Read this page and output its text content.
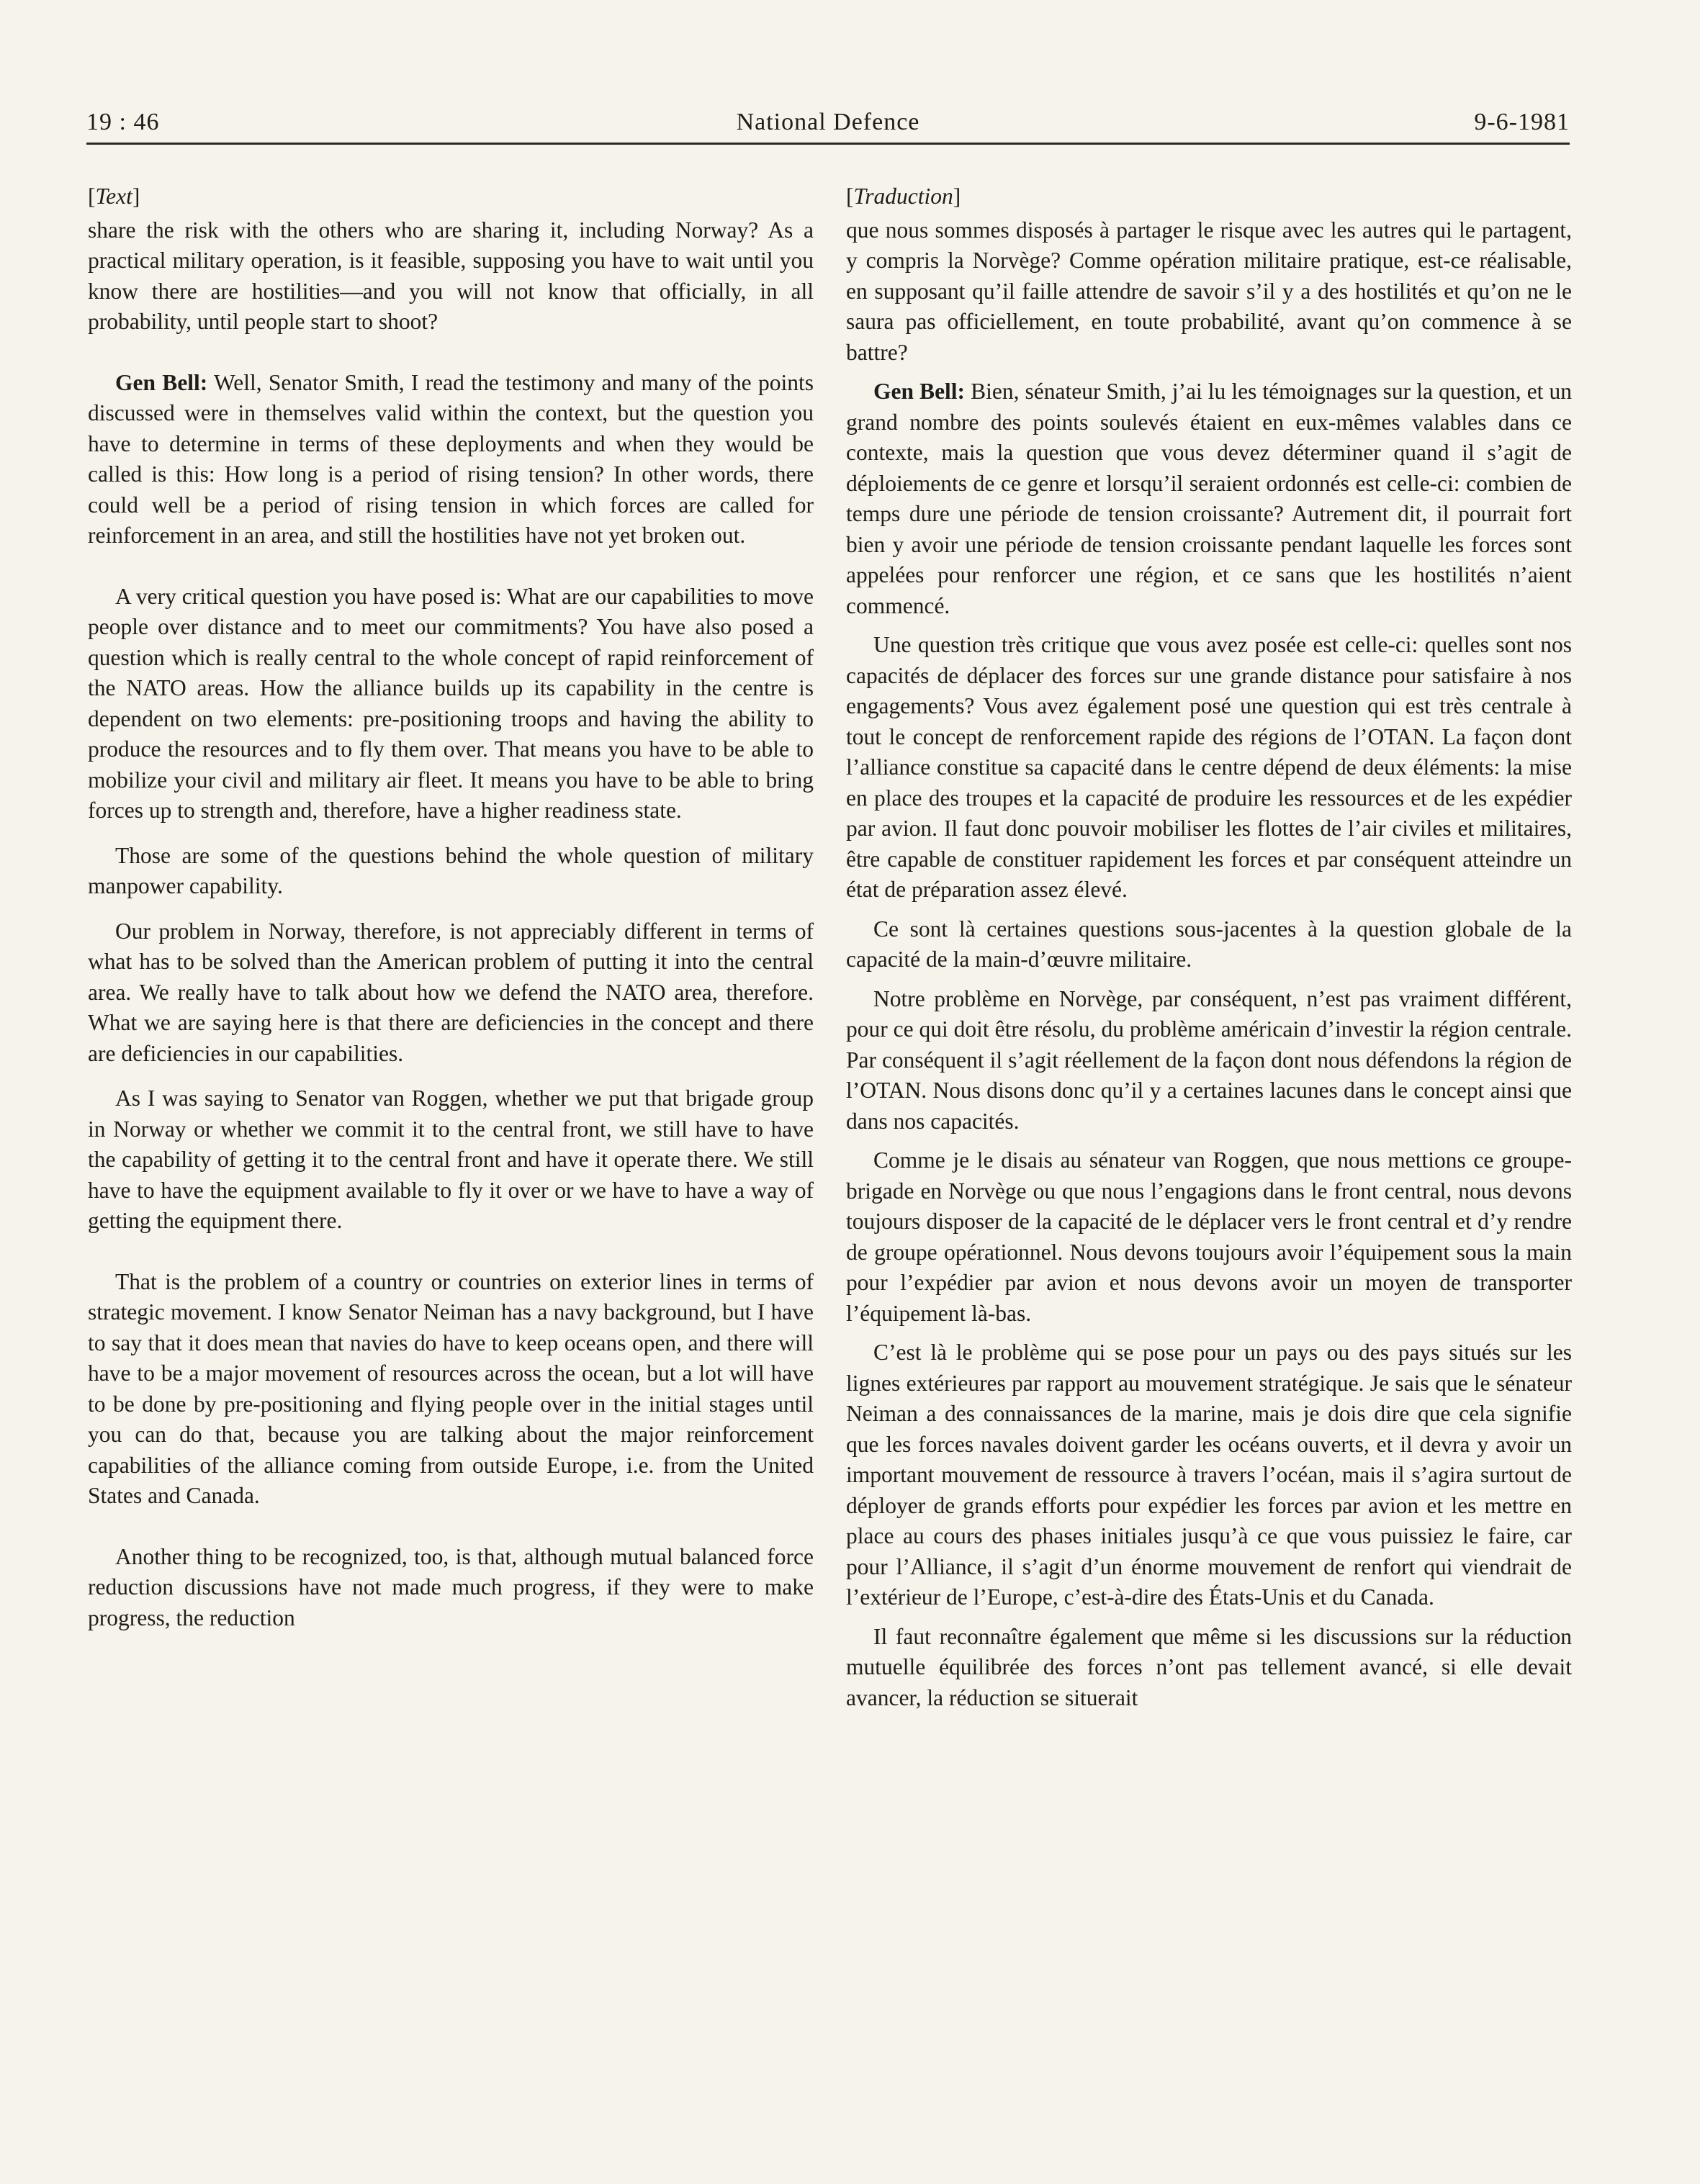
19 : 46	National Defence	9-6-1981

[Text]

share the risk with the others who are sharing it, including Norway? As a practical military operation, is it feasible, supposing you have to wait until you know there are hostilities—and you will not know that officially, in all probability, until people start to shoot?

Gen Bell: Well, Senator Smith, I read the testimony and many of the points discussed were in themselves valid within the context, but the question you have to determine in terms of these deployments and when they would be called is this: How long is a period of rising tension? In other words, there could well be a period of rising tension in which forces are called for reinforcement in an area, and still the hostilities have not yet broken out.

A very critical question you have posed is: What are our capabilities to move people over distance and to meet our commitments? You have also posed a question which is really central to the whole concept of rapid reinforcement of the NATO areas. How the alliance builds up its capability in the centre is dependent on two elements: pre-positioning troops and having the ability to produce the resources and to fly them over. That means you have to be able to mobilize your civil and military air fleet. It means you have to be able to bring forces up to strength and, therefore, have a higher readiness state.

Those are some of the questions behind the whole question of military manpower capability.

Our problem in Norway, therefore, is not appreciably different in terms of what has to be solved than the American problem of putting it into the central area. We really have to talk about how we defend the NATO area, therefore. What we are saying here is that there are deficiencies in the concept and there are deficiencies in our capabilities.

As I was saying to Senator van Roggen, whether we put that brigade group in Norway or whether we commit it to the central front, we still have to have the capability of getting it to the central front and have it operate there. We still have to have the equipment available to fly it over or we have to have a way of getting the equipment there.

That is the problem of a country or countries on exterior lines in terms of strategic movement. I know Senator Neiman has a navy background, but I have to say that it does mean that navies do have to keep oceans open, and there will have to be a major movement of resources across the ocean, but a lot will have to be done by pre-positioning and flying people over in the initial stages until you can do that, because you are talking about the major reinforcement capabilities of the alliance coming from outside Europe, i.e. from the United States and Canada.

Another thing to be recognized, too, is that, although mutual balanced force reduction discussions have not made much progress, if they were to make progress, the reduction

[Traduction]

que nous sommes disposés à partager le risque avec les autres qui le partagent, y compris la Norvège? Comme opération militaire pratique, est-ce réalisable, en supposant qu’il faille attendre de savoir s’il y a des hostilités et qu’on ne le saura pas officiellement, en toute probabilité, avant qu’on commence à se battre?

Gen Bell: Bien, sénateur Smith, j’ai lu les témoignages sur la question, et un grand nombre des points soulevés étaient en eux-mêmes valables dans ce contexte, mais la question que vous devez déterminer quand il s’agit de déploiements de ce genre et lorsqu’il seraient ordonnés est celle-ci: combien de temps dure une période de tension croissante? Autrement dit, il pourrait fort bien y avoir une période de tension croissante pendant laquelle les forces sont appelées pour renforcer une région, et ce sans que les hostilités n’aient commencé.

Une question très critique que vous avez posée est celle-ci: quelles sont nos capacités de déplacer des forces sur une grande distance pour satisfaire à nos engagements? Vous avez également posé une question qui est très centrale à tout le concept de renforcement rapide des régions de l’OTAN. La façon dont l’alliance constitue sa capacité dans le centre dépend de deux éléments: la mise en place des troupes et la capacité de produire les ressources et de les expédier par avion. Il faut donc pouvoir mobiliser les flottes de l’air civiles et militaires, être capable de constituer rapidement les forces et par conséquent atteindre un état de préparation assez élevé.

Ce sont là certaines questions sous-jacentes à la question globale de la capacité de la main-d’œuvre militaire.

Notre problème en Norvège, par conséquent, n’est pas vraiment différent, pour ce qui doit être résolu, du problème américain d’investir la région centrale. Par conséquent il s’agit réellement de la façon dont nous défendons la région de l’OTAN. Nous disons donc qu’il y a certaines lacunes dans le concept ainsi que dans nos capacités.

Comme je le disais au sénateur van Roggen, que nous mettions ce groupe-brigade en Norvège ou que nous l’engagions dans le front central, nous devons toujours disposer de la capacité de le déplacer vers le front central et d’y rendre de groupe opérationnel. Nous devons toujours avoir l’équipement sous la main pour l’expédier par avion et nous devons avoir un moyen de transporter l’équipement là-bas.

C’est là le problème qui se pose pour un pays ou des pays situés sur les lignes extérieures par rapport au mouvement stratégique. Je sais que le sénateur Neiman a des connaissances de la marine, mais je dois dire que cela signifie que les forces navales doivent garder les océans ouverts, et il devra y avoir un important mouvement de ressource à travers l’océan, mais il s’agira surtout de déployer de grands efforts pour expédier les forces par avion et les mettre en place au cours des phases initiales jusqu’à ce que vous puissiez le faire, car pour l’Alliance, il s’agit d’un énorme mouvement de renfort qui viendrait de l’extérieur de l’Europe, c’est-à-dire des États-Unis et du Canada.

Il faut reconnaître également que même si les discussions sur la réduction mutuelle équilibrée des forces n’ont pas tellement avancé, si elle devait avancer, la réduction se situerait
